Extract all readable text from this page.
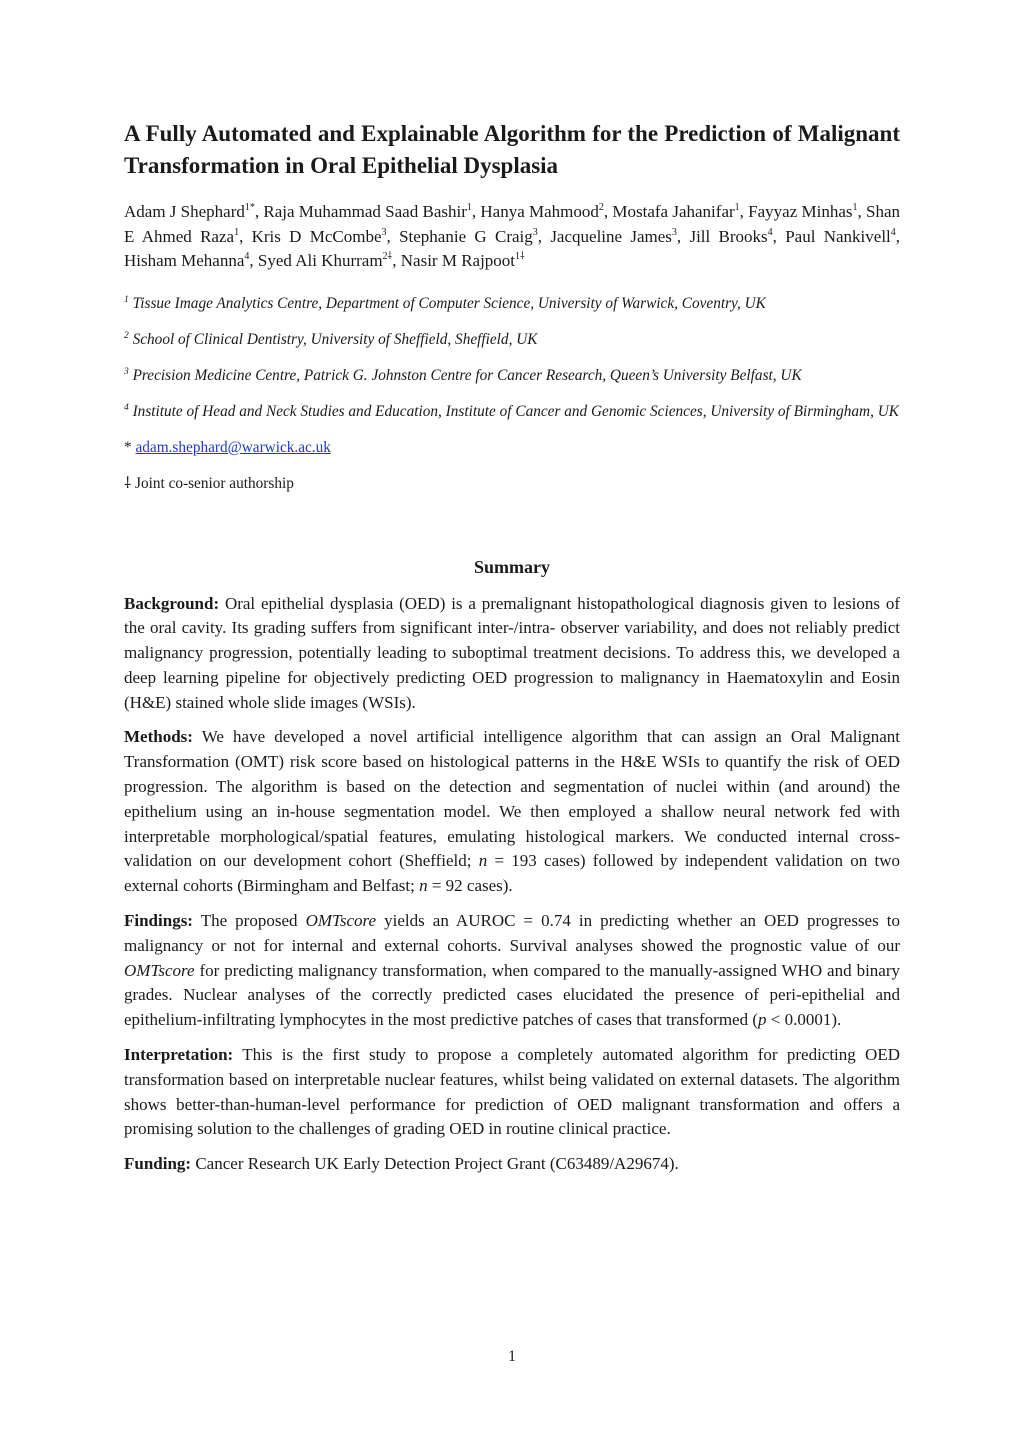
A Fully Automated and Explainable Algorithm for the Prediction of Malignant Transformation in Oral Epithelial Dysplasia
Adam J Shephard$^{1*}$, Raja Muhammad Saad Bashir$^1$, Hanya Mahmood$^2$, Mostafa Jahanifar$^1$, Fayyaz Minhas$^1$, Shan E Ahmed Raza$^1$, Kris D McCombe$^3$, Stephanie G Craig$^3$, Jacqueline James$^3$, Jill Brooks$^4$, Paul Nankivell$^4$, Hisham Mehanna$^4$, Syed Ali Khurram$^{2⸸}$, Nasir M Rajpoot$^{1⸸}$
$^1$ Tissue Image Analytics Centre, Department of Computer Science, University of Warwick, Coventry, UK
$^2$ School of Clinical Dentistry, University of Sheffield, Sheffield, UK
$^3$ Precision Medicine Centre, Patrick G. Johnston Centre for Cancer Research, Queen’s University Belfast, UK
$^4$ Institute of Head and Neck Studies and Education, Institute of Cancer and Genomic Sciences, University of Birmingham, UK
* adam.shephard@warwick.ac.uk
⸸ Joint co-senior authorship
Summary
Background: Oral epithelial dysplasia (OED) is a premalignant histopathological diagnosis given to lesions of the oral cavity. Its grading suffers from significant inter-/intra- observer variability, and does not reliably predict malignancy progression, potentially leading to suboptimal treatment decisions. To address this, we developed a deep learning pipeline for objectively predicting OED progression to malignancy in Haematoxylin and Eosin (H&E) stained whole slide images (WSIs).
Methods: We have developed a novel artificial intelligence algorithm that can assign an Oral Malignant Transformation (OMT) risk score based on histological patterns in the H&E WSIs to quantify the risk of OED progression. The algorithm is based on the detection and segmentation of nuclei within (and around) the epithelium using an in-house segmentation model. We then employed a shallow neural network fed with interpretable morphological/spatial features, emulating histological markers. We conducted internal cross-validation on our development cohort (Sheffield; n = 193 cases) followed by independent validation on two external cohorts (Birmingham and Belfast; n = 92 cases).
Findings: The proposed OMTscore yields an AUROC = 0.74 in predicting whether an OED progresses to malignancy or not for internal and external cohorts. Survival analyses showed the prognostic value of our OMTscore for predicting malignancy transformation, when compared to the manually-assigned WHO and binary grades. Nuclear analyses of the correctly predicted cases elucidated the presence of peri-epithelial and epithelium-infiltrating lymphocytes in the most predictive patches of cases that transformed (p < 0.0001).
Interpretation: This is the first study to propose a completely automated algorithm for predicting OED transformation based on interpretable nuclear features, whilst being validated on external datasets. The algorithm shows better-than-human-level performance for prediction of OED malignant transformation and offers a promising solution to the challenges of grading OED in routine clinical practice.
Funding: Cancer Research UK Early Detection Project Grant (C63489/A29674).
1
